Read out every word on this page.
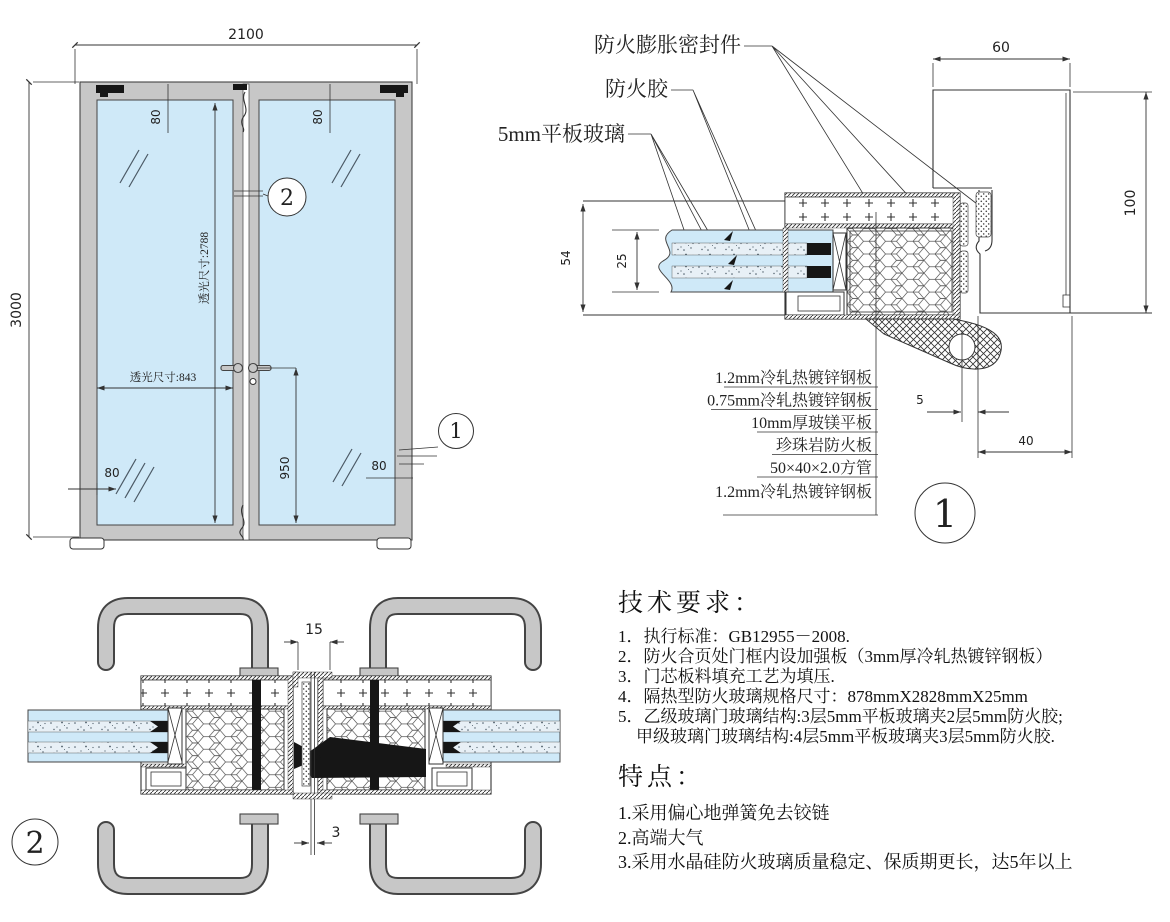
2100
3000
80	80
透光尺寸:2788
透光尺寸:843
950
80	80
2
1
防火膨胀密封件
防火胶
5mm平板玻璃
60
100
54	25
5
40
1.2mm冷轧热镀锌钢板
0.75mm冷轧热镀锌钢板
10mm厚玻镁平板
珍珠岩防火板
50×40×2.0方管
1.2mm冷轧热镀锌钢板 1
15
3
2
技术要求：
1．执行标准：GB12955－2008.
2．防火合页处门框内设加强板（3mm厚冷轧热镀锌钢板）
3．门芯板料填充工艺为填压.
4．隔热型防火玻璃规格尺寸：878mmX2828mmX25mm
5．乙级玻璃门玻璃结构:3层5mm平板玻璃夹2层5mm防火胶;
甲级玻璃门玻璃结构:4层5mm平板玻璃夹3层5mm防火胶.
特点：
1.采用偏心地弹簧免去铰链
2.高端大气
3.采用水晶硅防火玻璃质量稳定、保质期更长，达5年以上
